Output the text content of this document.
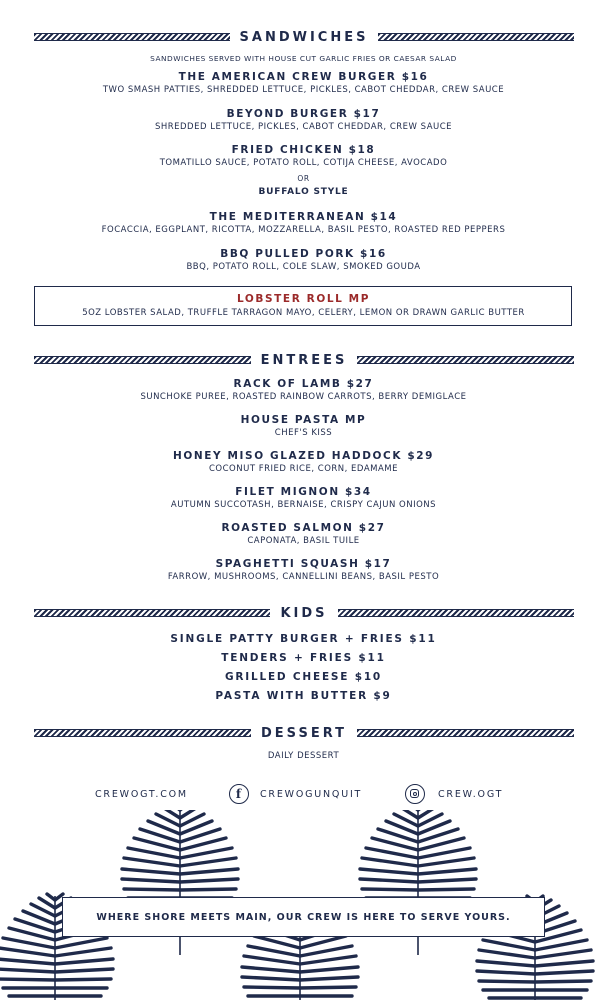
SANDWICHES
SANDWICHES SERVED WITH HOUSE CUT GARLIC FRIES OR CAESAR SALAD
THE AMERICAN CREW BURGER $16
TWO SMASH PATTIES, SHREDDED LETTUCE, PICKLES, CABOT CHEDDAR, CREW SAUCE
BEYOND BURGER $17
SHREDDED LETTUCE, PICKLES, CABOT CHEDDAR, CREW SAUCE
FRIED CHICKEN $18
TOMATILLO SAUCE, POTATO ROLL, COTIJA CHEESE, AVOCADO
OR
BUFFALO STYLE
THE MEDITERRANEAN $14
FOCACCIA, EGGPLANT, RICOTTA, MOZZARELLA, BASIL PESTO, ROASTED RED PEPPERS
BBQ PULLED PORK $16
BBQ, POTATO ROLL, COLE SLAW, SMOKED GOUDA
LOBSTER ROLL MP
5OZ LOBSTER SALAD, TRUFFLE TARRAGON MAYO, CELERY, LEMON OR DRAWN GARLIC BUTTER
ENTREES
RACK OF LAMB $27
SUNCHOKE PUREE, ROASTED RAINBOW CARROTS, BERRY DEMIGLACE
HOUSE PASTA MP
CHEF'S KISS
HONEY MISO GLAZED HADDOCK $29
COCONUT FRIED RICE, CORN, EDAMAME
FILET MIGNON $34
AUTUMN SUCCOTASH, BERNAISE, CRISPY CAJUN ONIONS
ROASTED SALMON $27
CAPONATA, BASIL TUILE
SPAGHETTI SQUASH $17
FARROW, MUSHROOMS, CANNELLINI BEANS, BASIL PESTO
KIDS
SINGLE PATTY BURGER + FRIES $11
TENDERS + FRIES $11
GRILLED CHEESE $10
PASTA WITH BUTTER $9
DESSERT
DAILY DESSERT
CREWOGT.COM	f	CREWOGUNQUIT	CREW.OGT
WHERE SHORE MEETS MAIN, OUR CREW IS HERE TO SERVE YOURS.
